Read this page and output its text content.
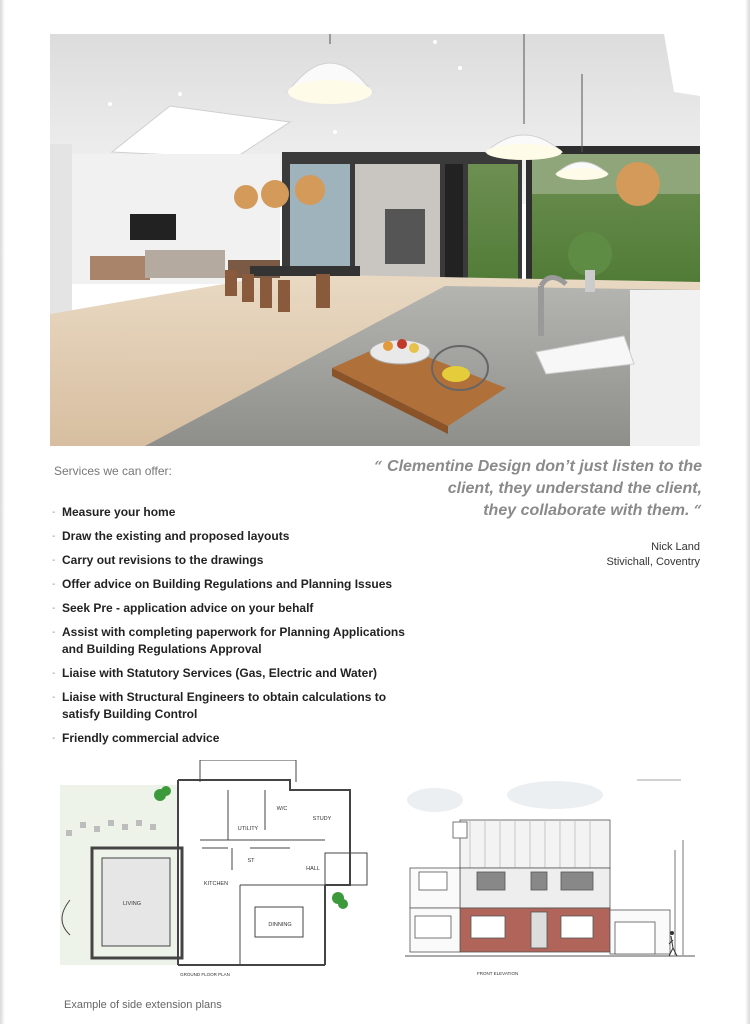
Services we can offer:
- Measure your home
- Draw the existing and proposed layouts
- Carry out revisions to the drawings
- Offer advice on Building Regulations and Planning Issues
- Seek Pre - application advice on your behalf
- Assist with completing paperwork for Planning Applications and Building Regulations Approval
- Liaise with Statutory Services (Gas, Electric and Water)
- Liaise with Structural Engineers to obtain calculations to satisfy Building Control
- Friendly commercial advice
“ Clementine Design don’t just listen to the
client, they understand the client,
they collaborate with them. “
Nick Land
Stivichall, Coventry
STUDY
W/C
UTILITY
ST
HALL
KITCHEN
LIVING
DINNING
GROUND FLOOR PLAN	FRONT ELEVATION
Example of side extension plans
